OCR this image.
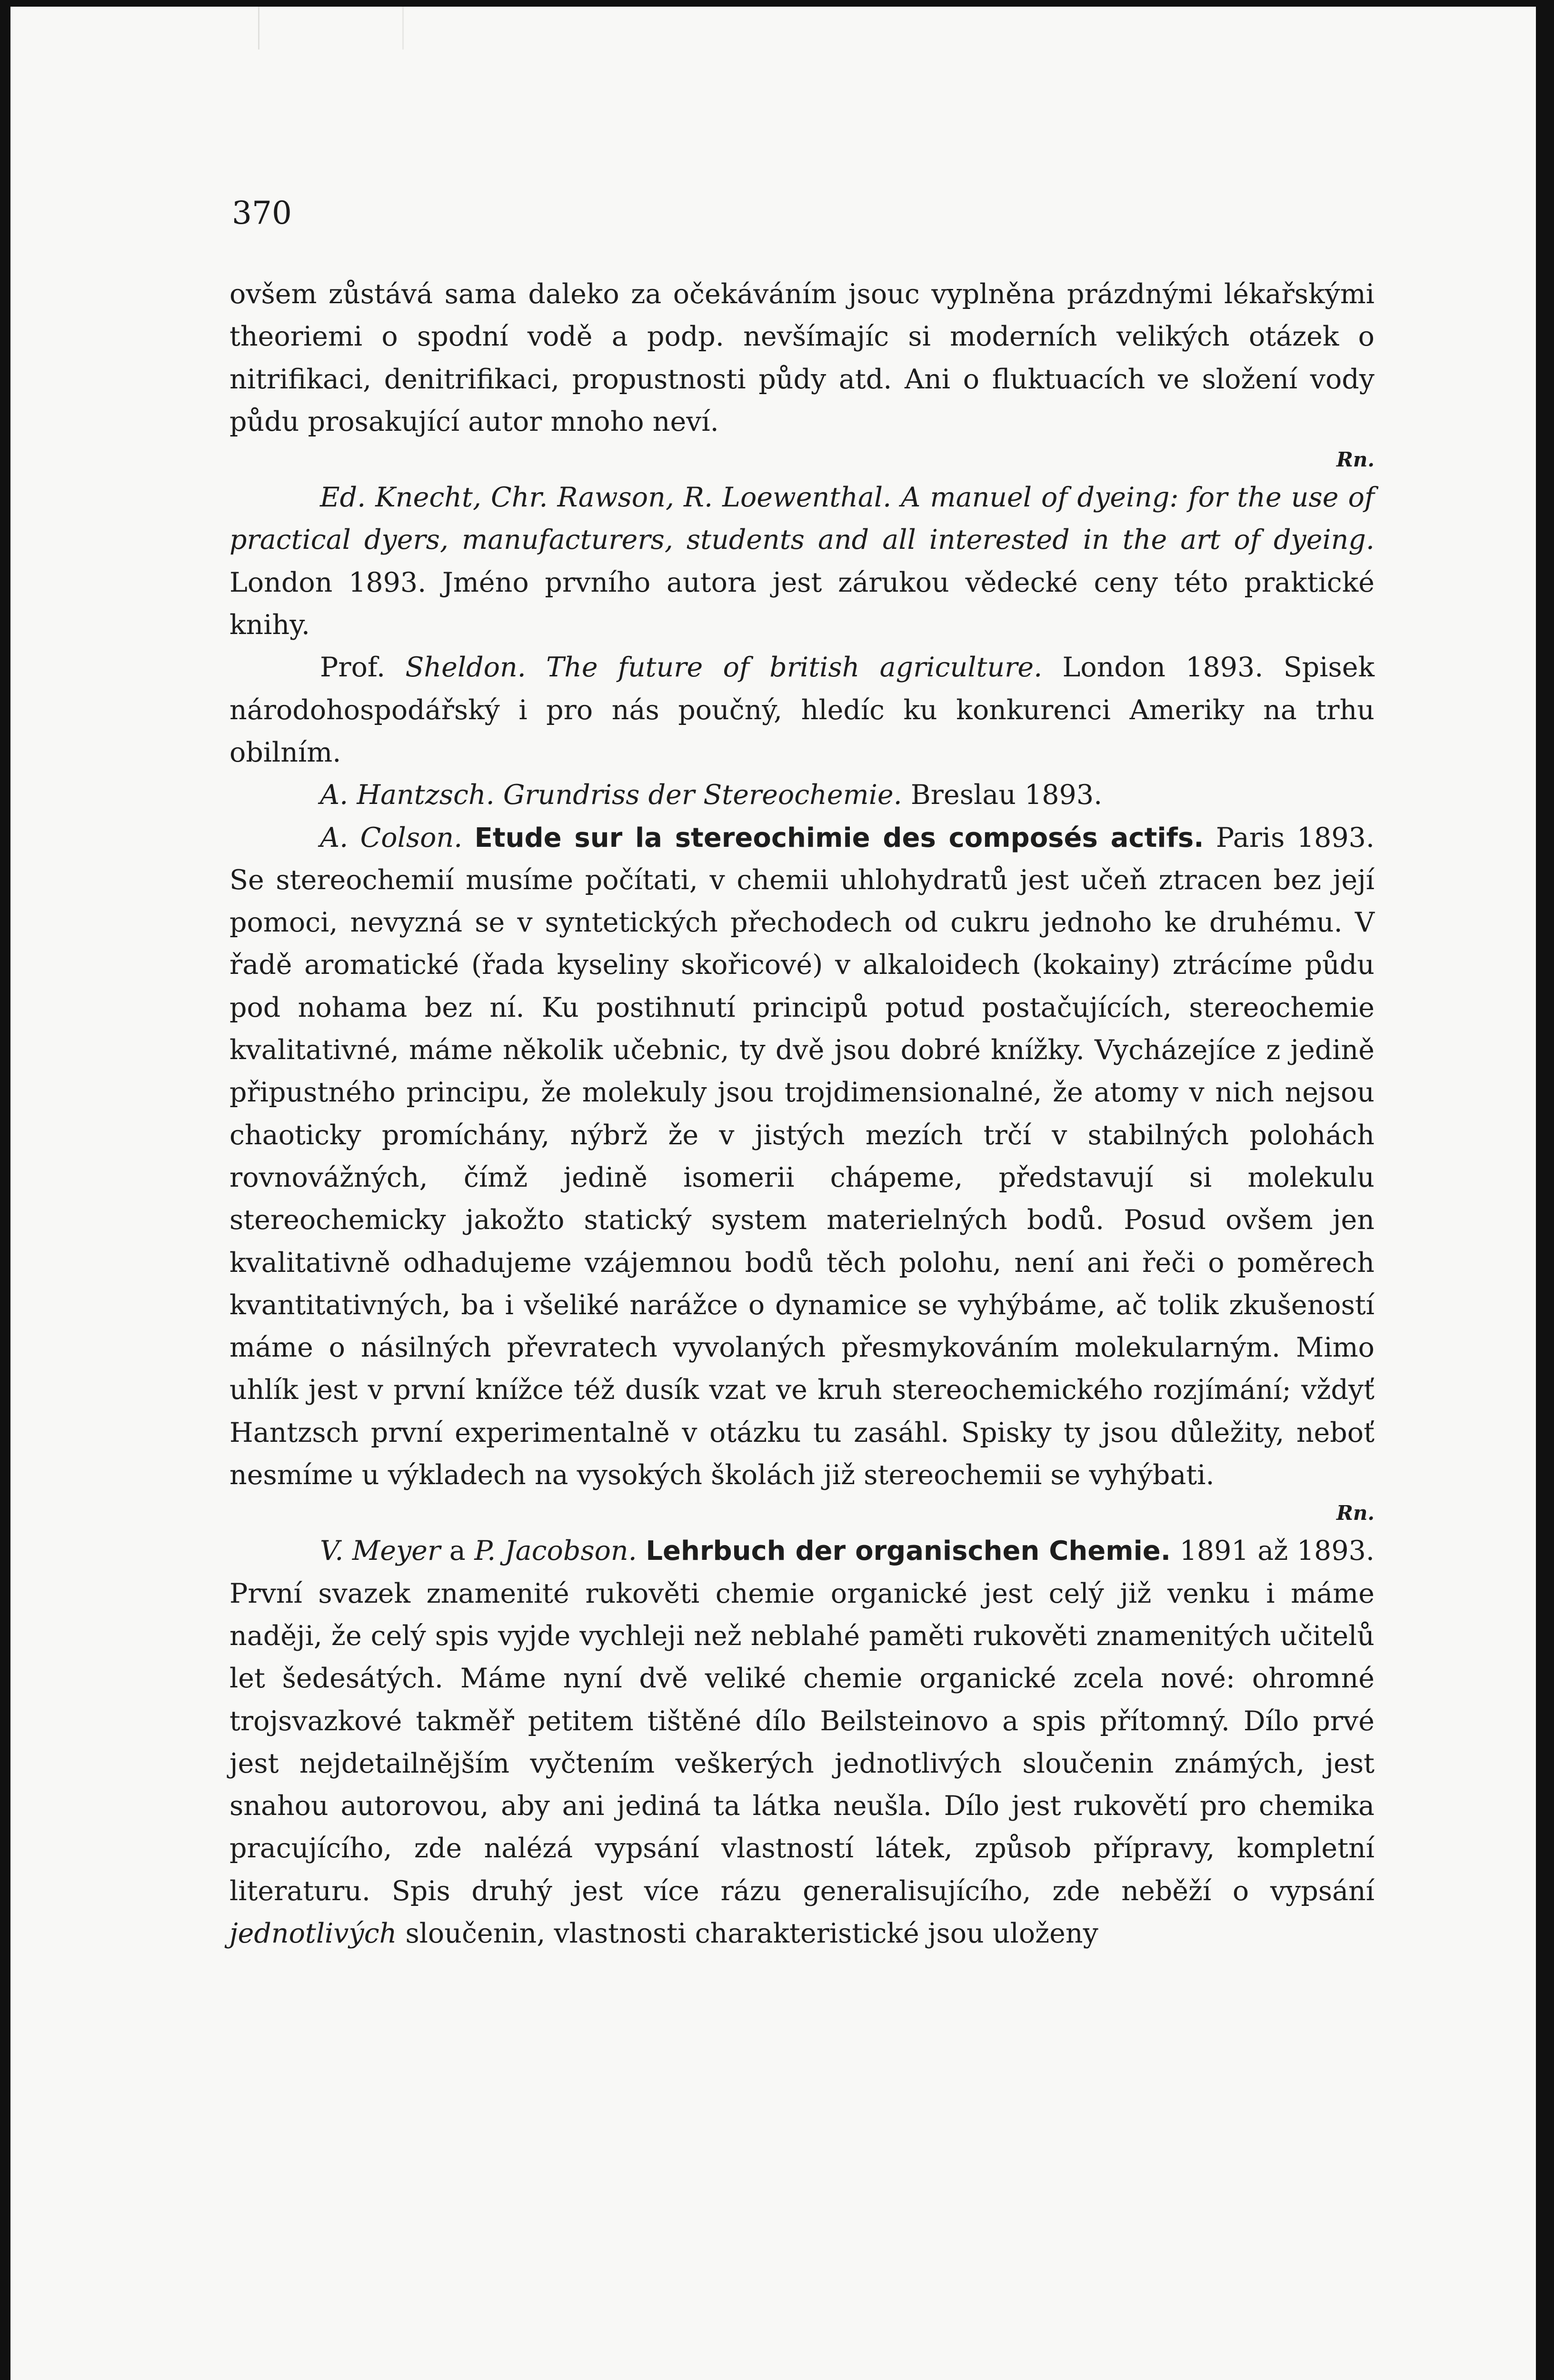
370

ovšem zůstává sama daleko za očekáváním jsouc vyplněna prázdnými lékařskými theoriemi o spodní vodě a podp. nevšímajíc si moderních velikých otázek o nitrifikaci, denitrifikaci, propustnosti půdy atd. Ani o fluktuacích ve složení vody půdu prosakující autor mnoho neví.

Rn.

Ed. Knecht, Chr. Rawson, R. Loewenthal. A manuel of dyeing: for the use of practical dyers, manufacturers, students and all interested in the art of dyeing. London 1893. Jméno prvního autora jest zárukou vědecké ceny této praktické knihy.

Prof. Sheldon. The future of british agriculture. London 1893. Spisek národohospodářský i pro nás poučný, hledíc ku konkurenci Ameriky na trhu obilním.

A. Hantzsch. Grundriss der Stereochemie. Breslau 1893.

A. Colson. Etude sur la stereochimie des composés actifs. Paris 1893. Se stereochemií musíme počítati, v chemii uhlohydratů jest učeň ztracen bez její pomoci, nevyzná se v syntetických přechodech od cukru jednoho ke druhému. V řadě aromatické (řada kyseliny skořicové) v alkaloidech (kokainy) ztrácíme půdu pod nohama bez ní. Ku postihnutí principů potud postačujících, stereochemie kvalitativné, máme několik učebnic, ty dvě jsou dobré knížky. Vycházejíce z jedině připustného principu, že molekuly jsou trojdimensionalné, že atomy v nich nejsou chaoticky promíchány, nýbrž že v jistých mezích trčí v stabilných polohách rovnovážných, čímž jedině isomerii chápeme, představují si molekulu stereochemicky jakožto statický system materielných bodů. Posud ovšem jen kvalitativně odhadujeme vzájemnou bodů těch polohu, není ani řeči o poměrech kvantitativných, ba i všeliké narážce o dynamice se vyhýbáme, ač tolik zkušeností máme o násilných převratech vyvolaných přesmykováním molekularným. Mimo uhlík jest v první knížce též dusík vzat ve kruh stereochemického rozjímání; vždyť Hantzsch první experimentalně v otázku tu zasáhl. Spisky ty jsou důležity, neboť nesmíme u výkladech na vysokých školách již stereochemii se vyhýbati.

Rn.

V. Meyer a P. Jacobson. Lehrbuch der organischen Chemie. 1891 až 1893. První svazek znamenité rukověti chemie organické jest celý již venku i máme naději, že celý spis vyjde vychleji než neblahé paměti rukověti znamenitých učitelů let šedesátých. Máme nyní dvě veliké chemie organické zcela nové: ohromné trojsvazkové takměř petitem tištěné dílo Beilsteinovo a spis přítomný. Dílo prvé jest nejdetailnějším vyčtením veškerých jednotlivých sloučenin známých, jest snahou autorovou, aby ani jediná ta látka neušla. Dílo jest rukovětí pro chemika pracujícího, zde nalézá vypsání vlastností látek, způsob přípravy, kompletní literaturu. Spis druhý jest více rázu generalisujícího, zde neběží o vypsání jednotlivých sloučenin, vlastnosti charakteristické jsou uloženy
